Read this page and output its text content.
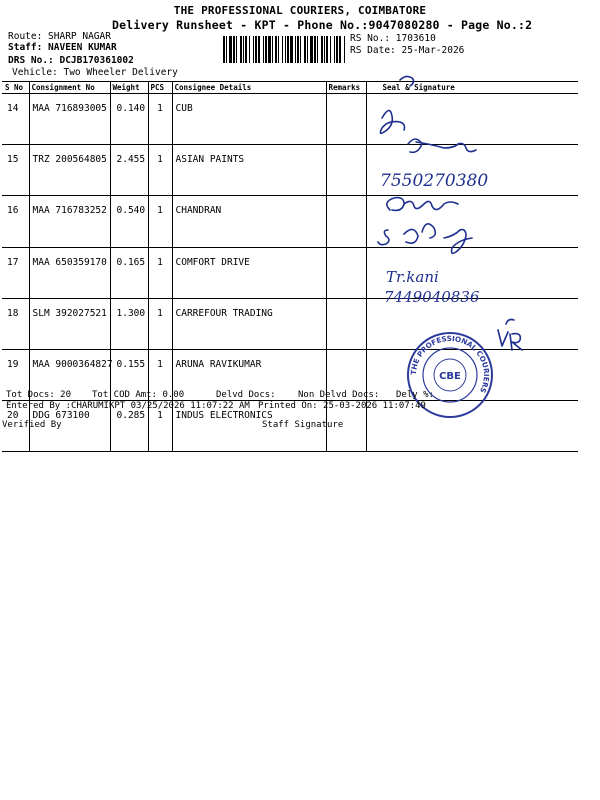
THE PROFESSIONAL COURIERS, COIMBATORE
Delivery Runsheet - KPT - Phone No.:9047080280 - Page No.:2
Route: SHARP NAGAR
Staff: NAVEEN KUMAR
DRS No.: DCJB170361002
Vehicle: Two Wheeler Delivery
RS No.: 1703610
RS Date: 25-Mar-2026
S No	Consignment No	Weight	PCS	Consignee Details	Remarks	Seal & Signature
14	MAA 716893005	0.140	1	CUB		
15	TRZ 200564805	2.455	1	ASIAN PAINTS		
16	MAA 716783252	0.540	1	CHANDRAN		
17	MAA 650359170	0.165	1	COMFORT DRIVE		
18	SLM 392027521	1.300	1	CARREFOUR TRADING		
19	MAA 9000364827	0.155	1	ARUNA RAVIKUMAR		
20	DDG 673100	0.285	1	INDUS ELECTRONICS		
7550270380
Tr.kani
7449040836
THE PROFESSIONAL COURIERS
CBE
Tot Docs: 20 Tot COD Amt: 0.00	Delvd Docs: Non Delvd Docs: Dely %:
Entered By :CHARUMIKPT 03/25/2026 11:07:22 AM Printed On: 25-03-2026 11:07:49
Verified By	Staff Signature
